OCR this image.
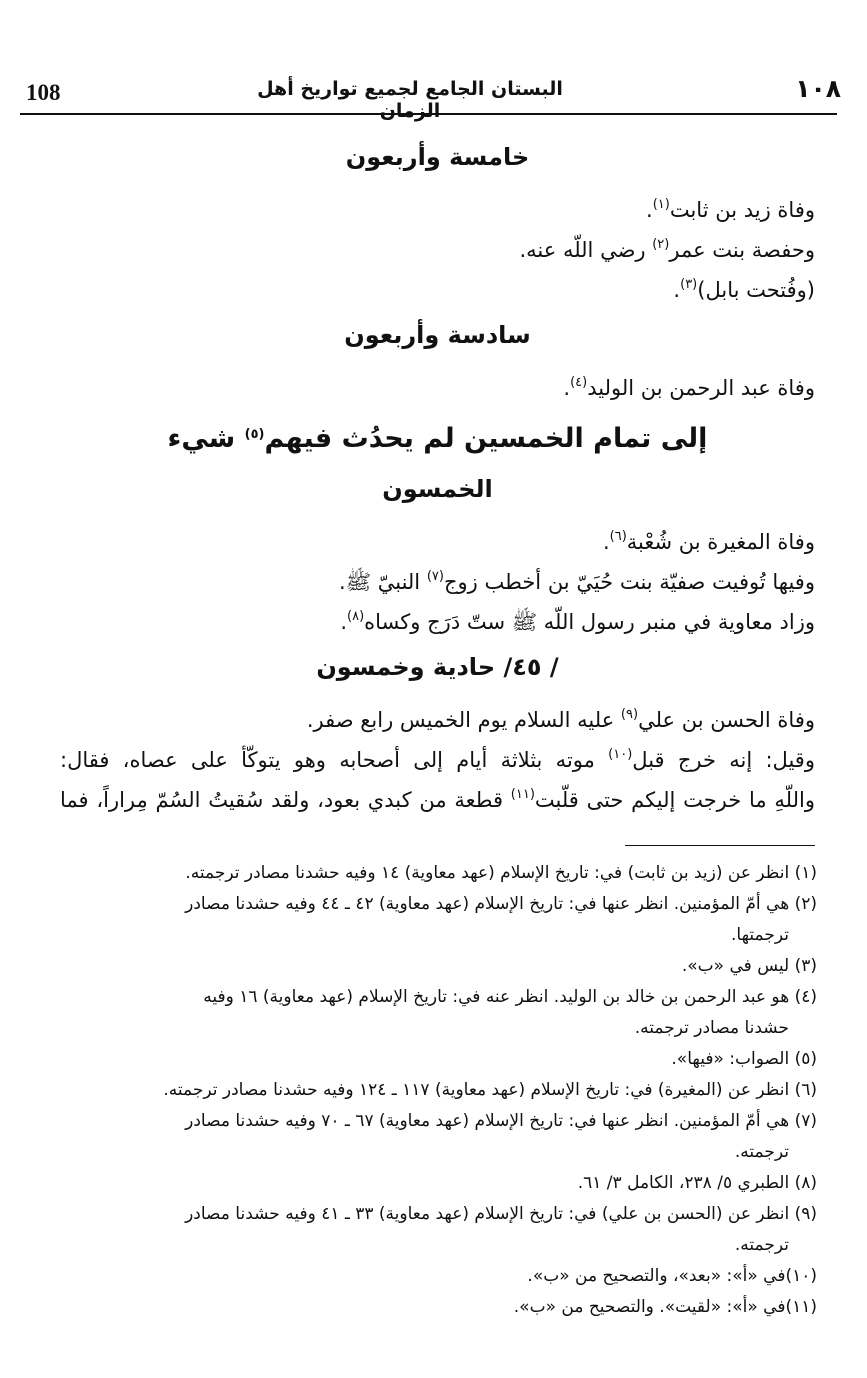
108	البستان الجامع لجميع تواريخ أهل الزمان
١٠٨
خامسة وأربعون
وفاة زيد بن ثابت$^{(١)}$.
وحفصة بنت عمر$^{(٢)}$ رضي اللّه عنه.
(وفُتحت بابل)$^{(٣)}$.
سادسة وأربعون
وفاة عبد الرحمن بن الوليد$^{(٤)}$.
إلى تمام الخمسين لم يحدُث فيهم$^{(٥)}$ شيء
الخمسون
وفاة المغيرة بن شُعْبة$^{(٦)}$.
وفيها تُوفيت صفيّة بنت حُيَيّ بن أخطب زوج$^{(٧)}$ النبيّ ﷺ.
وزاد معاوية في منبر رسول اللّه ﷺ ستّ دَرَج وكساه$^{(٨)}$.
/ ٤٥/ حادية وخمسون
وفاة الحسن بن علي$^{(٩)}$ عليه السلام يوم الخميس رابع صفر.
وقيل: إنه خرج قبل$^{(١٠)}$ موته بثلاثة أيام إلى أصحابه وهو يتوكّأ على عصاه، فقال:
واللّهِ ما خرجت إليكم حتى قلّبت$^{(١١)}$ قطعة من كبدي بعود، ولقد سُقيتُ السُمّ مِراراً، فما
(١) انظر عن (زيد بن ثابت) في: تاريخ الإسلام (عهد معاوية) ١٤ وفيه حشدنا مصادر ترجمته.
(٢) هي أمّ المؤمنين. انظر عنها في: تاريخ الإسلام (عهد معاوية) ٤٢ ـ ٤٤ وفيه حشدنا مصادر
ترجمتها.
(٣) ليس في «ب».
(٤) هو عبد الرحمن بن خالد بن الوليد. انظر عنه في: تاريخ الإسلام (عهد معاوية) ١٦ وفيه
حشدنا مصادر ترجمته.
(٥) الصواب: «فيها».
(٦) انظر عن (المغيرة) في: تاريخ الإسلام (عهد معاوية) ١١٧ ـ ١٢٤ وفيه حشدنا مصادر ترجمته.
(٧) هي أمّ المؤمنين. انظر عنها في: تاريخ الإسلام (عهد معاوية) ٦٧ ـ ٧٠ وفيه حشدنا مصادر
ترجمته.
(٨) الطبري ٥/ ٢٣٨، الكامل ٣/ ٦١.
(٩) انظر عن (الحسن بن علي) في: تاريخ الإسلام (عهد معاوية) ٣٣ ـ ٤١ وفيه حشدنا مصادر
ترجمته.
(١٠)في «أ»: «بعد»، والتصحيح من «ب».
(١١)في «أ»: «لقيت». والتصحيح من «ب».
